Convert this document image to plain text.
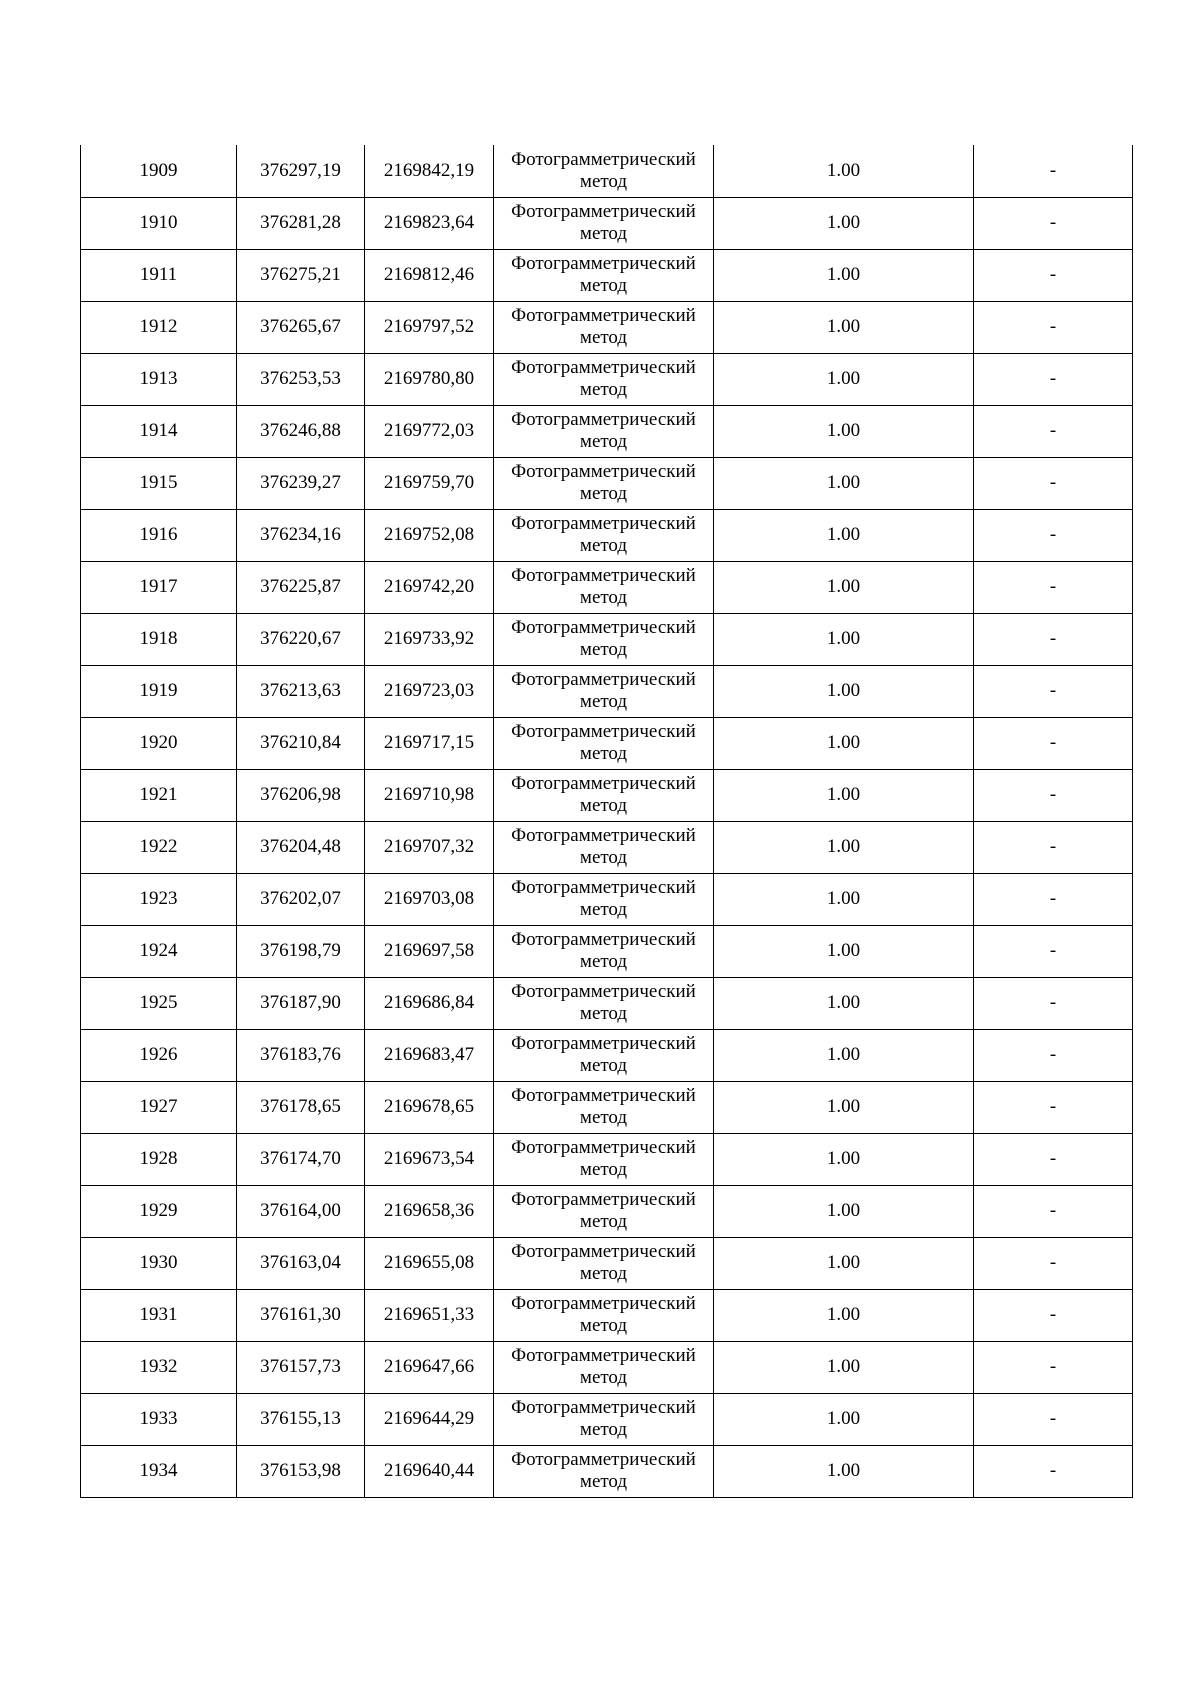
1909	376297,19	2169842,19	Фотограмметрический метод	1.00	-
1910	376281,28	2169823,64	Фотограмметрический метод	1.00	-
1911	376275,21	2169812,46	Фотограмметрический метод	1.00	-
1912	376265,67	2169797,52	Фотограмметрический метод	1.00	-
1913	376253,53	2169780,80	Фотограмметрический метод	1.00	-
1914	376246,88	2169772,03	Фотограмметрический метод	1.00	-
1915	376239,27	2169759,70	Фотограмметрический метод	1.00	-
1916	376234,16	2169752,08	Фотограмметрический метод	1.00	-
1917	376225,87	2169742,20	Фотограмметрический метод	1.00	-
1918	376220,67	2169733,92	Фотограмметрический метод	1.00	-
1919	376213,63	2169723,03	Фотограмметрический метод	1.00	-
1920	376210,84	2169717,15	Фотограмметрический метод	1.00	-
1921	376206,98	2169710,98	Фотограмметрический метод	1.00	-
1922	376204,48	2169707,32	Фотограмметрический метод	1.00	-
1923	376202,07	2169703,08	Фотограмметрический метод	1.00	-
1924	376198,79	2169697,58	Фотограмметрический метод	1.00	-
1925	376187,90	2169686,84	Фотограмметрический метод	1.00	-
1926	376183,76	2169683,47	Фотограмметрический метод	1.00	-
1927	376178,65	2169678,65	Фотограмметрический метод	1.00	-
1928	376174,70	2169673,54	Фотограмметрический метод	1.00	-
1929	376164,00	2169658,36	Фотограмметрический метод	1.00	-
1930	376163,04	2169655,08	Фотограмметрический метод	1.00	-
1931	376161,30	2169651,33	Фотограмметрический метод	1.00	-
1932	376157,73	2169647,66	Фотограмметрический метод	1.00	-
1933	376155,13	2169644,29	Фотограмметрический метод	1.00	-
1934	376153,98	2169640,44	Фотограмметрический метод	1.00	-
